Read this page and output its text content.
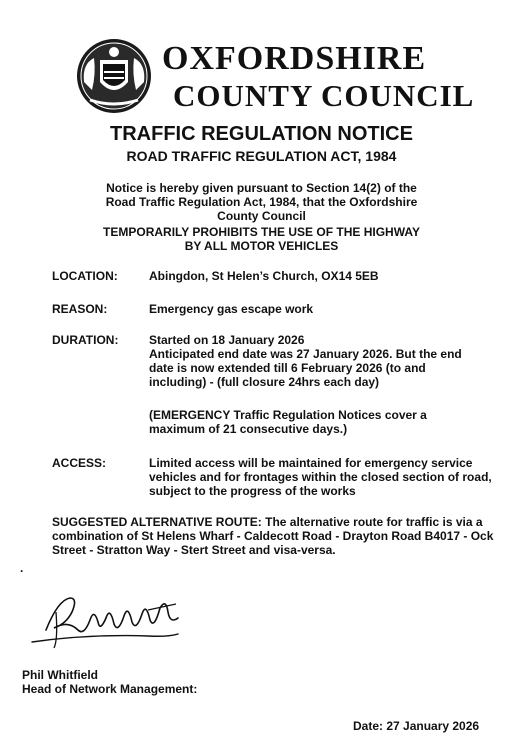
OXFORDSHIRE
COUNTY COUNCIL
TRAFFIC REGULATION NOTICE
ROAD TRAFFIC REGULATION ACT, 1984
Notice is hereby given pursuant to Section 14(2) of the Road Traffic Regulation Act, 1984, that the Oxfordshire County Council
TEMPORARILY PROHIBITS THE USE OF THE HIGHWAY
BY ALL MOTOR VEHICLES
LOCATION:	Abingdon, St Helen’s Church, OX14 5EB
REASON:	Emergency gas escape work
DURATION:	Started on 18 January 2026

Anticipated end date was 27 January 2026. But the end date is now extended till 6 February 2026 (to and including) - (full closure 24hrs each day)

(EMERGENCY Traffic Regulation Notices cover a maximum of 21 consecutive days.)
ACCESS:	Limited access will be maintained for emergency service vehicles and for frontages within the closed section of road, subject to the progress of the works
SUGGESTED ALTERNATIVE ROUTE: The alternative route for traffic is via a combination of St Helens Wharf - Caldecott Road - Drayton Road B4017 - Ock Street - Stratton Way - Stert Street and visa-versa.
.
Phil Whitfield
Head of Network Management:
Date: 27 January 2026
